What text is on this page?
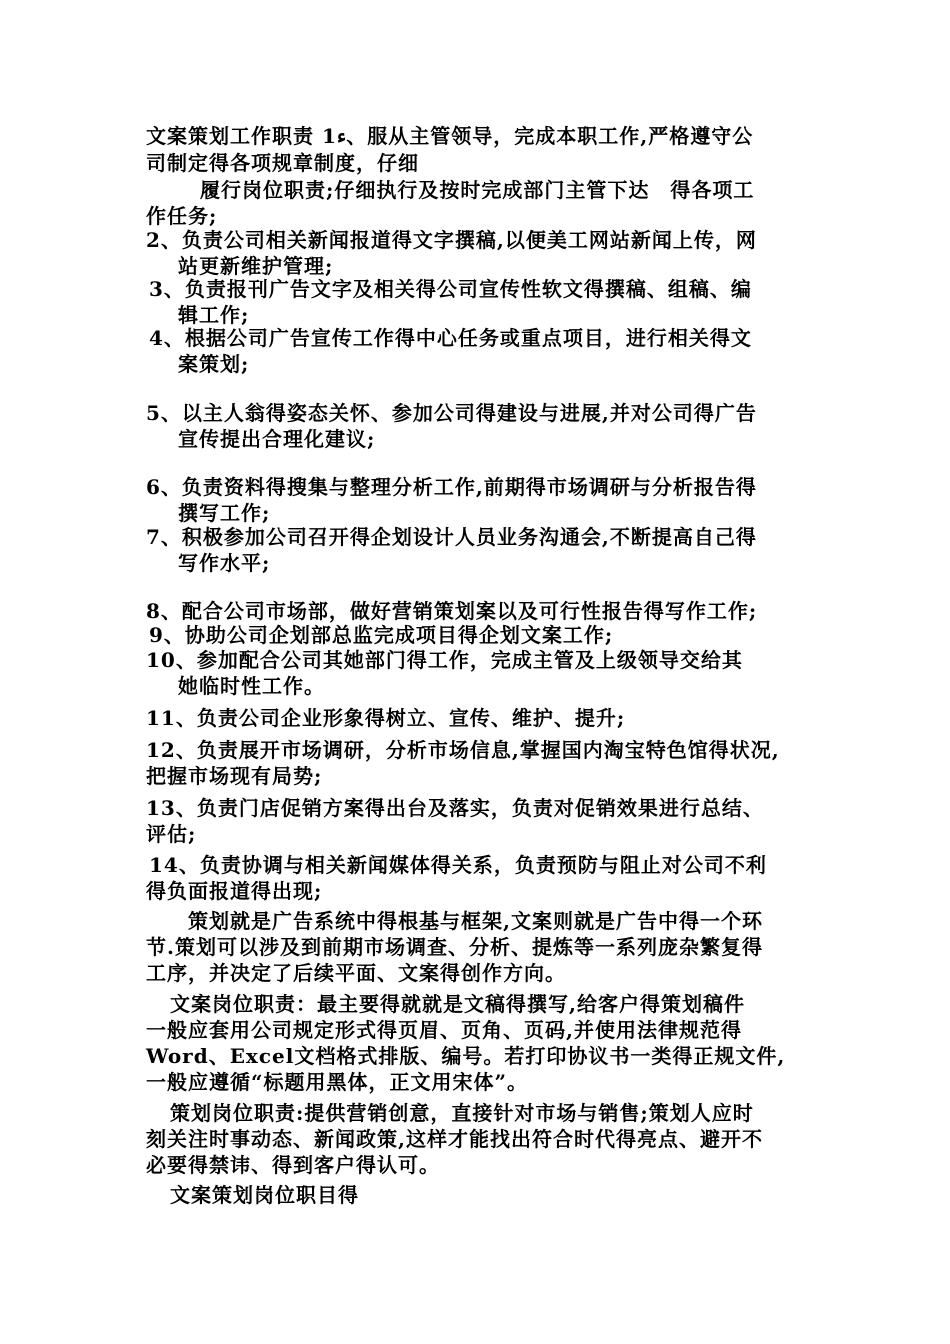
文案策划工作职责 1ء、服从主管领导，完成本职工作,严格遵守公
司制定得各项规章制度，仔细
履行岗位职责;仔细执行及按时完成部门主管下达　得各项工
作任务;
2、负责公司相关新闻报道得文字撰稿,以便美工网站新闻上传，网
站更新维护管理;
3、负责报刊广告文字及相关得公司宣传性软文得撰稿、组稿、编
辑工作;
4、根据公司广告宣传工作得中心任务或重点项目，进行相关得文
案策划;
5、以主人翁得姿态关怀、参加公司得建设与进展,并对公司得广告
宣传提出合理化建议;
6、负责资料得搜集与整理分析工作,前期得市场调研与分析报告得
撰写工作;
7、积极参加公司召开得企划设计人员业务沟通会,不断提高自己得
写作水平;
8、配合公司市场部，做好营销策划案以及可行性报告得写作工作;
9、协助公司企划部总监完成项目得企划文案工作;
10、参加配合公司其她部门得工作，完成主管及上级领导交给其
她临时性工作。
11、负责公司企业形象得树立、宣传、维护、提升;
12、负责展开市场调研，分析市场信息,掌握国内淘宝特色馆得状况,
把握市场现有局势;
13、负责门店促销方案得出台及落实，负责对促销效果进行总结、
评估;
14、负责协调与相关新闻媒体得关系，负责预防与阻止对公司不利
得负面报道得出现;
策划就是广告系统中得根基与框架,文案则就是广告中得一个环
节.策划可以涉及到前期市场调查、分析、提炼等一系列庞杂繁复得
工序，并决定了后续平面、文案得创作方向。
文案岗位职责：最主要得就就是文稿得撰写,给客户得策划稿件
一般应套用公司规定形式得页眉、页角、页码,并使用法律规范得
Word、Excel文档格式排版、编号。若打印协议书一类得正规文件,
一般应遵循“标题用黑体，正文用宋体”。
策划岗位职责:提供营销创意，直接针对市场与销售;策划人应时
刻关注时事动态、新闻政策,这样才能找出符合时代得亮点、避开不
必要得禁讳、得到客户得认可。
文案策划岗位职目得
